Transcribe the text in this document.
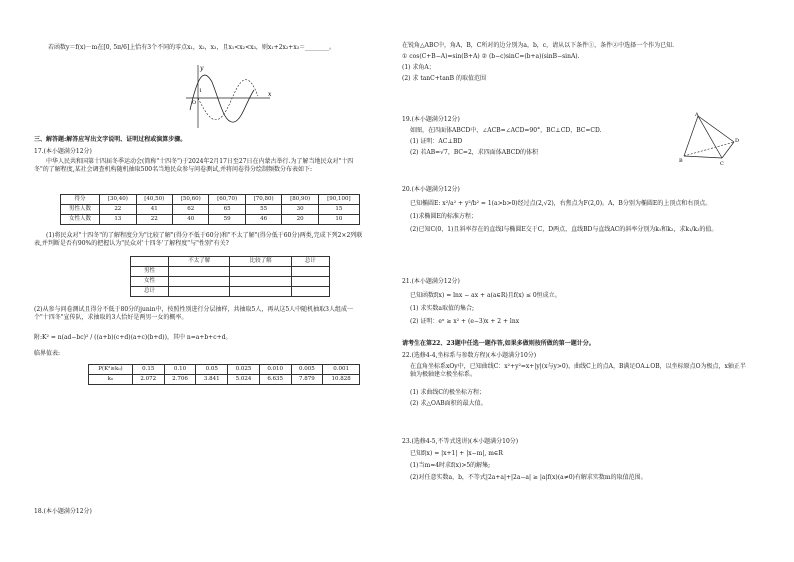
若函数y＝f(x)－m在[0, 5π/6]上恰有3个不同的零点x₁，x₂，x₃，且x₁<x₂<x₃，则x₁+2x₂+x₃＝________。
y
x
O
1
三、解答题:解答应写出文字说明、证明过程或演算步骤。
17.(本小题满分12分)
中华人民共和国第十四届冬季运动会(简称"十四冬")于2024年2月17日至27日在内蒙古举行.为了解当地民众对"十四冬"的了解程度,某社会调查机构随机抽取500名当地民众参与问卷测试,并将问卷得分绘制频数分布表如下:
得分	[30,40)	[40,50)	[50,60)	[60,70)	[70,80)	[80,90)	[90,100]
男性人数	22	41	62	65	55	30	15
女性人数	13	22	40	59	46	20	10
(1)将民众对"十四冬"的了解程度分为"比较了解"(得分不低于60分)和"不太了解"(得分低于60分)两类,完成下列2×2列联表,并判断是否有90%的把握认为"民众对'十四冬'了解程度"与"性别"有关?
	不太了解	比较了解	总计
男性			
女性			
总计			
(2)从参与问卷测试且得分不低于80分的junin中，按照性别进行分层抽样，共抽取5人，再从这5人中随机抽取3人组成一个"十四冬"宣传队，求抽取的3人恰好是两男一女的概率。
附:K² = n(ad−bc)² / ((a+b)(c+d)(a+c)(b+d))，其中 n=a+b+c+d。
临界值表:
P(K²≥k₀)	0.15	0.10	0.05	0.025	0.010	0.005	0.001
k₀	2.072	2.706	3.841	5.024	6.635	7.879	10.828
18.(本小题满分12分)
在锐角△ABC中，角A，B，C所对的边分别为a，b，c，请从以下条件①，条件②中选择一个作为已知.
① cos(C+B−A)=sin(B+A) ② (b−c)sinC=(b+a)(sinB−sinA).
(1) 求角A；
(2) 求 tanC+tanB 的取值范围
19.(本小题满分12分)
如图，在四面体ABCD中，∠ACB=∠ACD=90°，BC⊥CD，BC=CD.
(1) 证明：AC⊥BD
(2) 若AB=√7，BC=2，求四面体ABCD的体积
A
B	C
D
20.(本小题满分12分)
已知椭圆E: x²/a² + y²/b² = 1(a>b>0)经过点(2,√2)，右焦点为F(2,0)。A，B分别为椭圆E的上顶点和右顶点。
(1)求椭圆E的标准方程；
(2)已知C(0，1)且斜率存在的直线l与椭圆E交于C，D两点，直线BD与直线AC的斜率分别为k₁和k₂，求k₁/k₂的值。
21.(本小题满分12分)
已知函数f(x) = lnx − ax + a(a∈R)且f(x) ≤ 0恒成立。
(1) 求实数a取值的集合;
(2) 证明：eˣ ≥ x² + (e−3)x + 2 + lnx
请考生在第22、23题中任选一题作答,如果多做则按所做的第一题计分。
22.(选修4-4,坐标系与参数方程)(本小题满分10分)
在直角坐标系xOy中，已知曲线C：x²+y²=x+|y|(x与y>0)，曲线C上的点A，B满足OA⊥OB，以坐标原点O为极点，x轴正半轴为极轴建立极坐标系。
(1) 求曲线C的极坐标方程；
(2) 求△OAB面积的最大值。
23.(选修4-5,不等式选讲)(本小题满分10分)
已知f(x) = |x+1| + |x−m|, m∈R
(1)当m=4时求f(x)>5的解集;
(2)对任意实数a，b，不等式|2a+a|+|2a−a| ≥ |a|f(x)(a≠0)有解求实数m的取值范围。
